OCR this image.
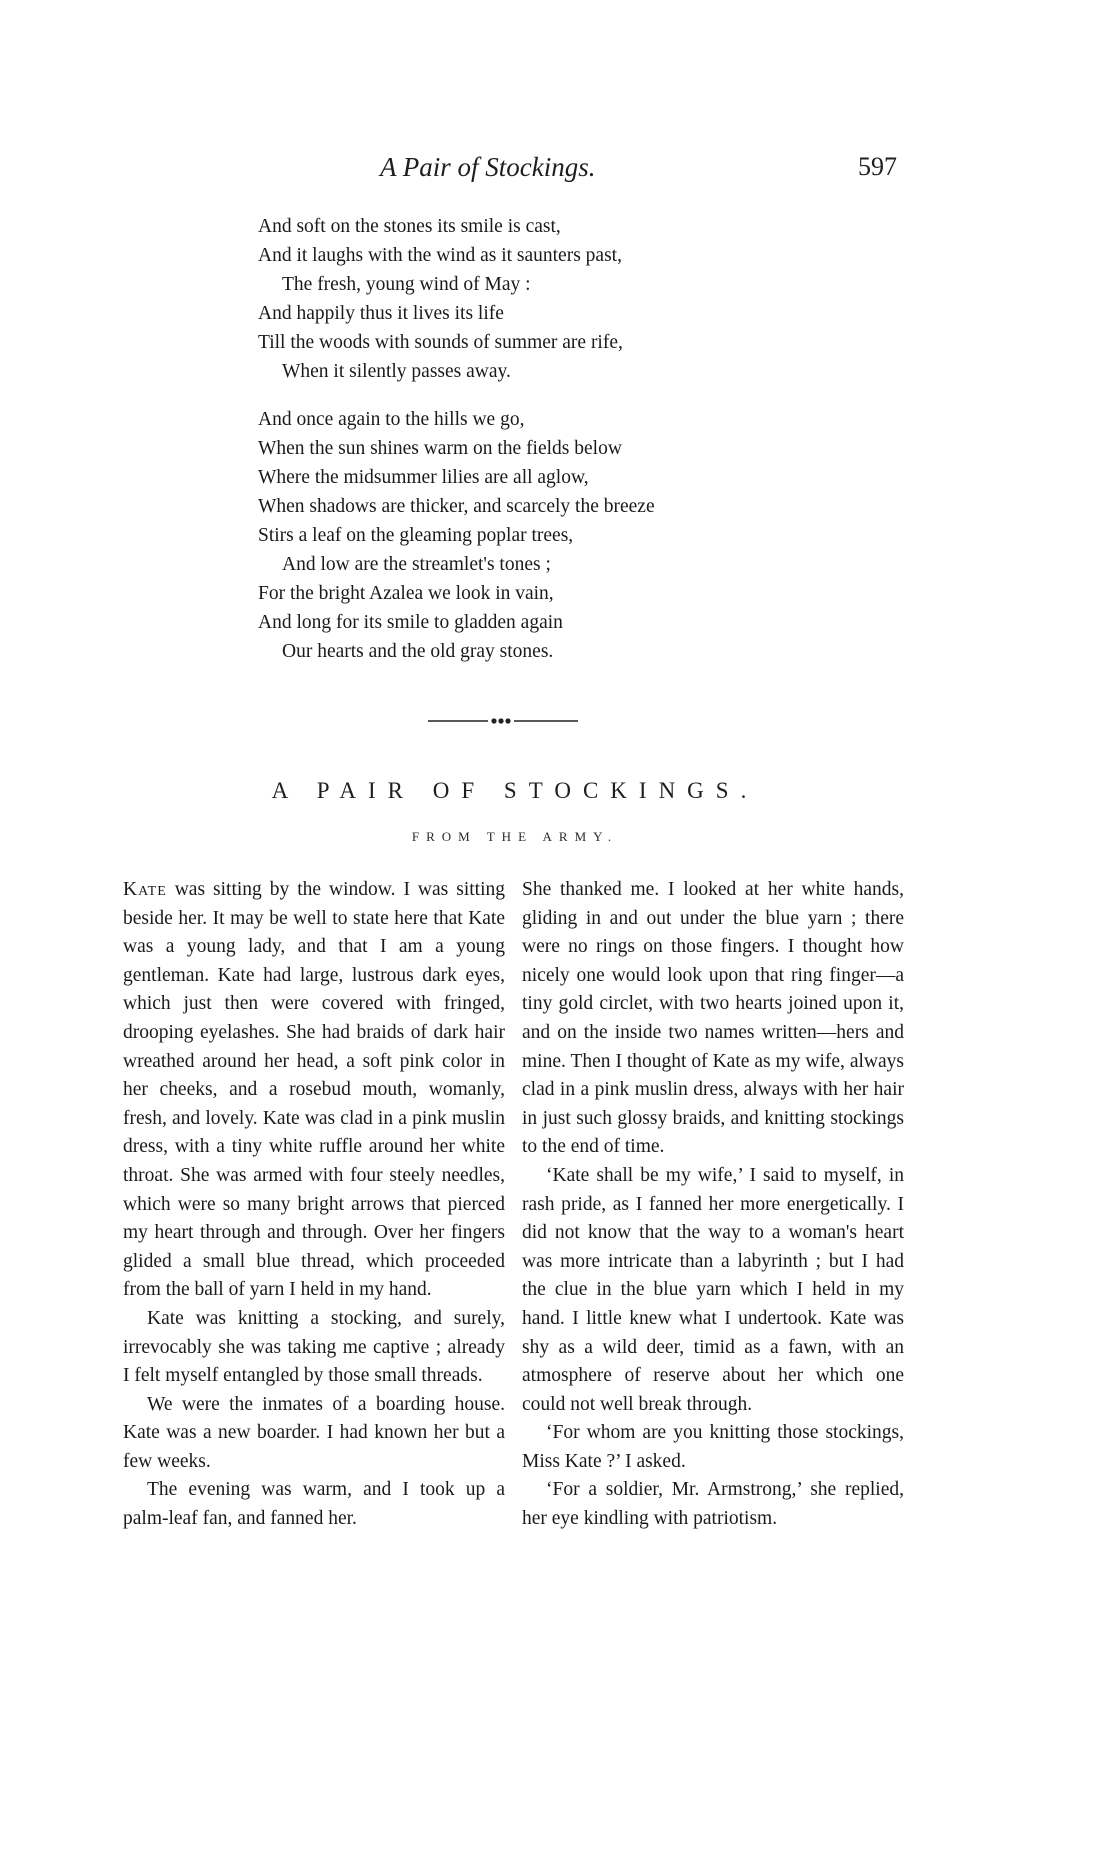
A Pair of Stockings.	597
And soft on the stones its smile is cast,
And it laughs with the wind as it saunters past,
The fresh, young wind of May :
And happily thus it lives its life
Till the woods with sounds of summer are rife,
When it silently passes away.
And once again to the hills we go,
When the sun shines warm on the fields below
Where the midsummer lilies are all aglow,
When shadows are thicker, and scarcely the breeze
Stirs a leaf on the gleaming poplar trees,
And low are the streamlet's tones ;
For the bright Azalea we look in vain,
And long for its smile to gladden again
Our hearts and the old gray stones.
A PAIR OF STOCKINGS.
FROM THE ARMY.

Kate was sitting by the window. I was sitting beside her. It may be well to state here that Kate was a young lady, and that I am a young gentleman. Kate had large, lustrous dark eyes, which just then were covered with fringed, drooping eyelashes. She had braids of dark hair wreathed around her head, a soft pink color in her cheeks, and a rosebud mouth, womanly, fresh, and lovely. Kate was clad in a pink muslin dress, with a tiny white ruffle around her white throat. She was armed with four steely needles, which were so many bright arrows that pierced my heart through and through. Over her fingers glided a small blue thread, which proceeded from the ball of yarn I held in my hand.

Kate was knitting a stocking, and surely, irrevocably she was taking me captive ; already I felt myself entangled by those small threads.

We were the inmates of a boarding house. Kate was a new boarder. I had known her but a few weeks.

The evening was warm, and I took up a palm-leaf fan, and fanned her.

She thanked me. I looked at her white hands, gliding in and out under the blue yarn ; there were no rings on those fingers. I thought how nicely one would look upon that ring finger—a tiny gold circlet, with two hearts joined upon it, and on the inside two names written—hers and mine. Then I thought of Kate as my wife, always clad in a pink muslin dress, always with her hair in just such glossy braids, and knitting stockings to the end of time.

‘Kate shall be my wife,’ I said to myself, in rash pride, as I fanned her more energetically. I did not know that the way to a woman's heart was more intricate than a labyrinth ; but I had the clue in the blue yarn which I held in my hand. I little knew what I undertook. Kate was shy as a wild deer, timid as a fawn, with an atmosphere of reserve about her which one could not well break through.

‘For whom are you knitting those stockings, Miss Kate ?’ I asked.

‘For a soldier, Mr. Armstrong,’ she replied, her eye kindling with patriotism.
